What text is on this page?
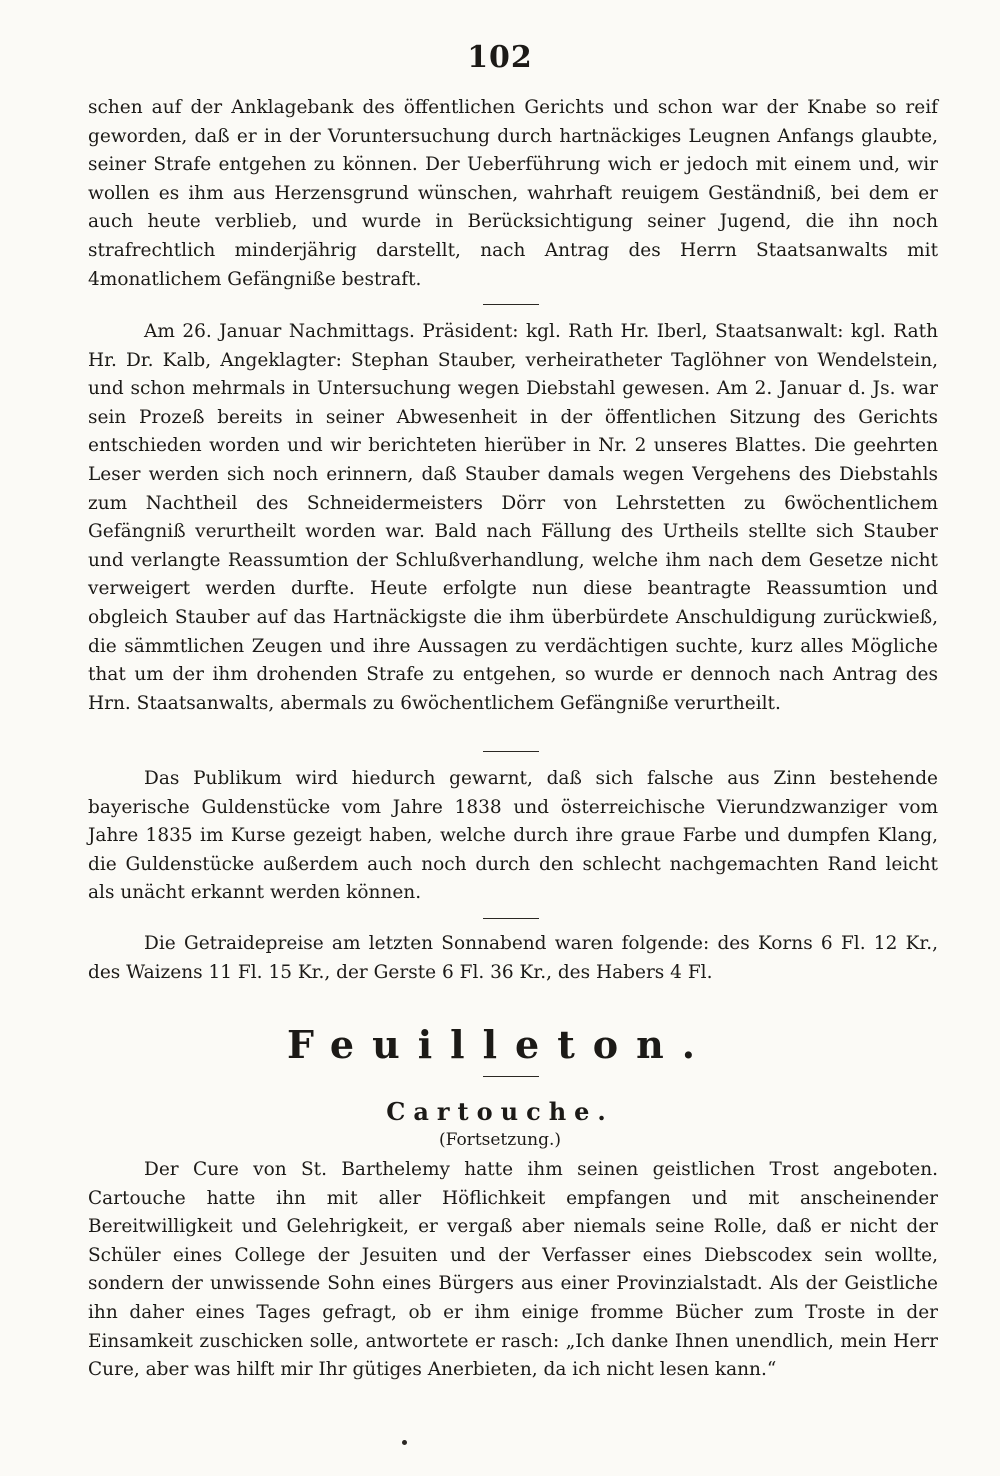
102

schen auf der Anklagebank des öffentlichen Gerichts und schon war der Knabe so reif geworden, daß er in der Voruntersuchung durch hartnäckiges Leugnen Anfangs glaubte, seiner Strafe entgehen zu können. Der Ueberführung wich er jedoch mit einem und, wir wollen es ihm aus Herzensgrund wünschen, wahrhaft reuigem Geständniß, bei dem er auch heute verblieb, und wurde in Berücksichtigung seiner Jugend, die ihn noch strafrechtlich minderjährig darstellt, nach Antrag des Herrn Staatsanwalts mit 4monatlichem Gefängniße bestraft.

Am 26. Januar Nachmittags. Präsident: kgl. Rath Hr. Iberl, Staatsanwalt: kgl. Rath Hr. Dr. Kalb, Angeklagter: Stephan Stauber, verheiratheter Taglöhner von Wendelstein, und schon mehrmals in Untersuchung wegen Diebstahl gewesen. Am 2. Januar d. Js. war sein Prozeß bereits in seiner Abwesenheit in der öffentlichen Sitzung des Gerichts entschieden worden und wir berichteten hierüber in Nr. 2 unseres Blattes. Die geehrten Leser werden sich noch erinnern, daß Stauber damals wegen Vergehens des Diebstahls zum Nachtheil des Schneidermeisters Dörr von Lehrstetten zu 6wöchentlichem Gefängniß verurtheilt worden war. Bald nach Fällung des Urtheils stellte sich Stauber und verlangte Reassumtion der Schlußverhandlung, welche ihm nach dem Gesetze nicht verweigert werden durfte. Heute erfolgte nun diese beantragte Reassumtion und obgleich Stauber auf das Hartnäckigste die ihm überbürdete Anschuldigung zurückwieß, die sämmtlichen Zeugen und ihre Aussagen zu verdächtigen suchte, kurz alles Mögliche that um der ihm drohenden Strafe zu entgehen, so wurde er dennoch nach Antrag des Hrn. Staatsanwalts, abermals zu 6wöchentlichem Gefängniße verurtheilt.

Das Publikum wird hiedurch gewarnt, daß sich falsche aus Zinn bestehende bayerische Guldenstücke vom Jahre 1838 und österreichische Vierundzwanziger vom Jahre 1835 im Kurse gezeigt haben, welche durch ihre graue Farbe und dumpfen Klang, die Guldenstücke außerdem auch noch durch den schlecht nachgemachten Rand leicht als unächt erkannt werden können.

Die Getraidepreise am letzten Sonnabend waren folgende: des Korns 6 Fl. 12 Kr., des Waizens 11 Fl. 15 Kr., der Gerste 6 Fl. 36 Kr., des Habers 4 Fl.

Feuilleton.
Cartouche.
(Fortsetzung.)

Der Cure von St. Barthelemy hatte ihm seinen geistlichen Trost angeboten. Cartouche hatte ihn mit aller Höflichkeit empfangen und mit anscheinender Bereitwilligkeit und Gelehrigkeit, er vergaß aber niemals seine Rolle, daß er nicht der Schüler eines College der Jesuiten und der Verfasser eines Diebscodex sein wollte, sondern der unwissende Sohn eines Bürgers aus einer Provinzialstadt. Als der Geistliche ihn daher eines Tages gefragt, ob er ihm einige fromme Bücher zum Troste in der Einsamkeit zuschicken solle, antwortete er rasch: „Ich danke Ihnen unendlich, mein Herr Cure, aber was hilft mir Ihr gütiges Anerbieten, da ich nicht lesen kann.“
